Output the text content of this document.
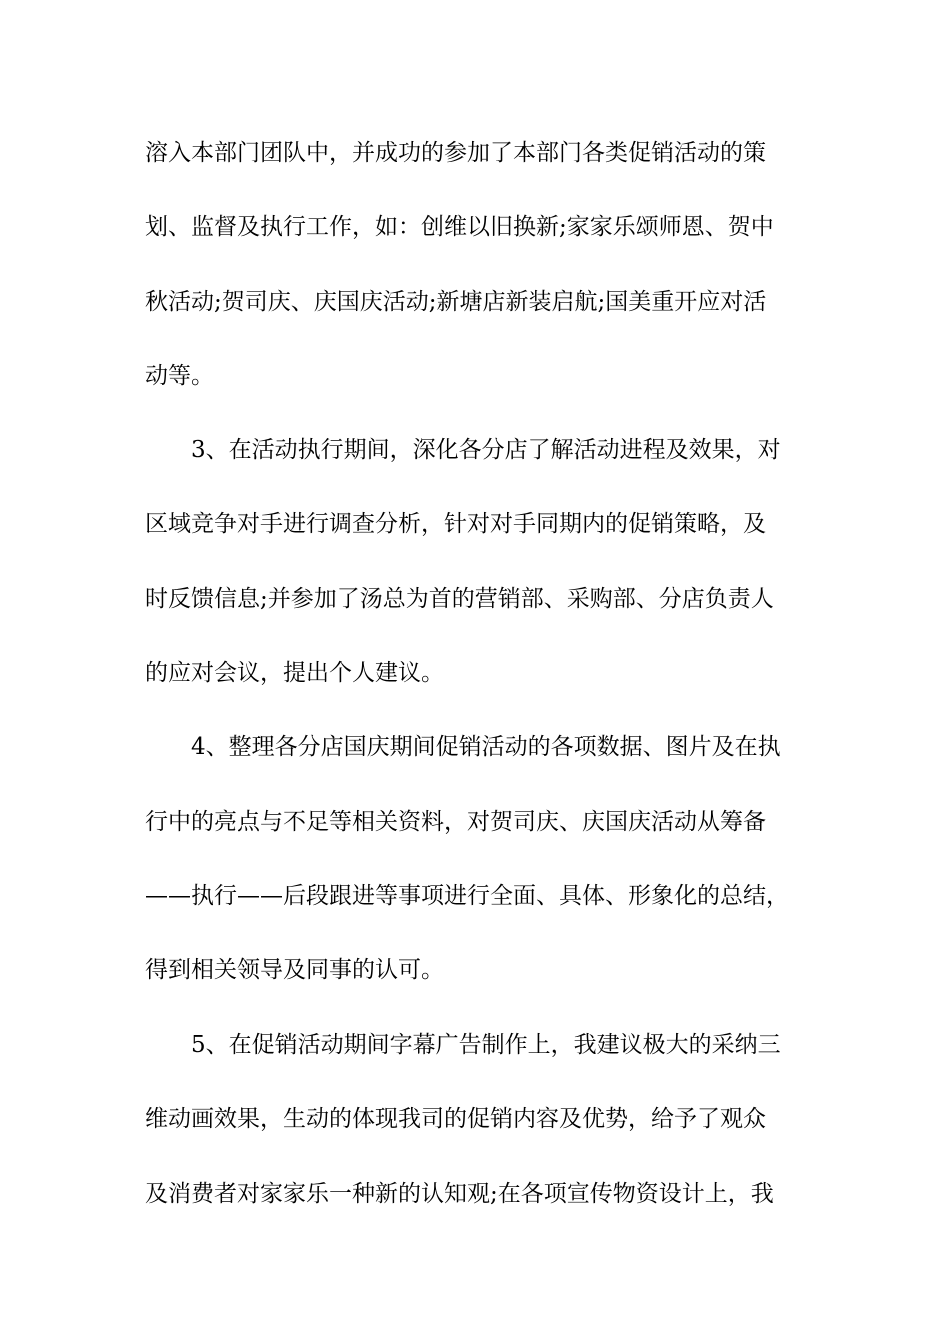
溶入本部门团队中，并成功的参加了本部门各类促销活动的策
划、监督及执行工作，如：创维以旧换新;家家乐颂师恩、贺中
秋活动;贺司庆、庆国庆活动;新塘店新装启航;国美重开应对活
动等。
3、在活动执行期间，深化各分店了解活动进程及效果，对
区域竞争对手进行调查分析，针对对手同期内的促销策略，及
时反馈信息;并参加了汤总为首的营销部、采购部、分店负责人
的应对会议，提出个人建议。
4、整理各分店国庆期间促销活动的各项数据、图片及在执
行中的亮点与不足等相关资料，对贺司庆、庆国庆活动从筹备
——执行——后段跟进等事项进行全面、具体、形象化的总结，
得到相关领导及同事的认可。
5、在促销活动期间字幕广告制作上，我建议极大的采纳三
维动画效果，生动的体现我司的促销内容及优势，给予了观众
及消费者对家家乐一种新的认知观;在各项宣传物资设计上，我
